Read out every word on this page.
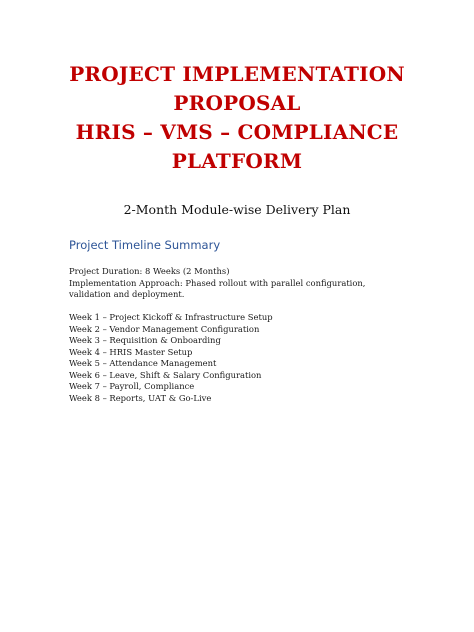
PROJECT IMPLEMENTATION
PROPOSAL
HRIS – VMS – COMPLIANCE
PLATFORM
2-Month Module-wise Delivery Plan
Project Timeline Summary

Project Duration: 8 Weeks (2 Months)

Implementation Approach: Phased rollout with parallel configuration, validation and deployment.

Week 1 – Project Kickoff & Infrastructure Setup
Week 2 – Vendor Management Configuration
Week 3 – Requisition & Onboarding
Week 4 – HRIS Master Setup
Week 5 – Attendance Management
Week 6 – Leave, Shift & Salary Configuration
Week 7 – Payroll, Compliance
Week 8 – Reports, UAT & Go-Live
